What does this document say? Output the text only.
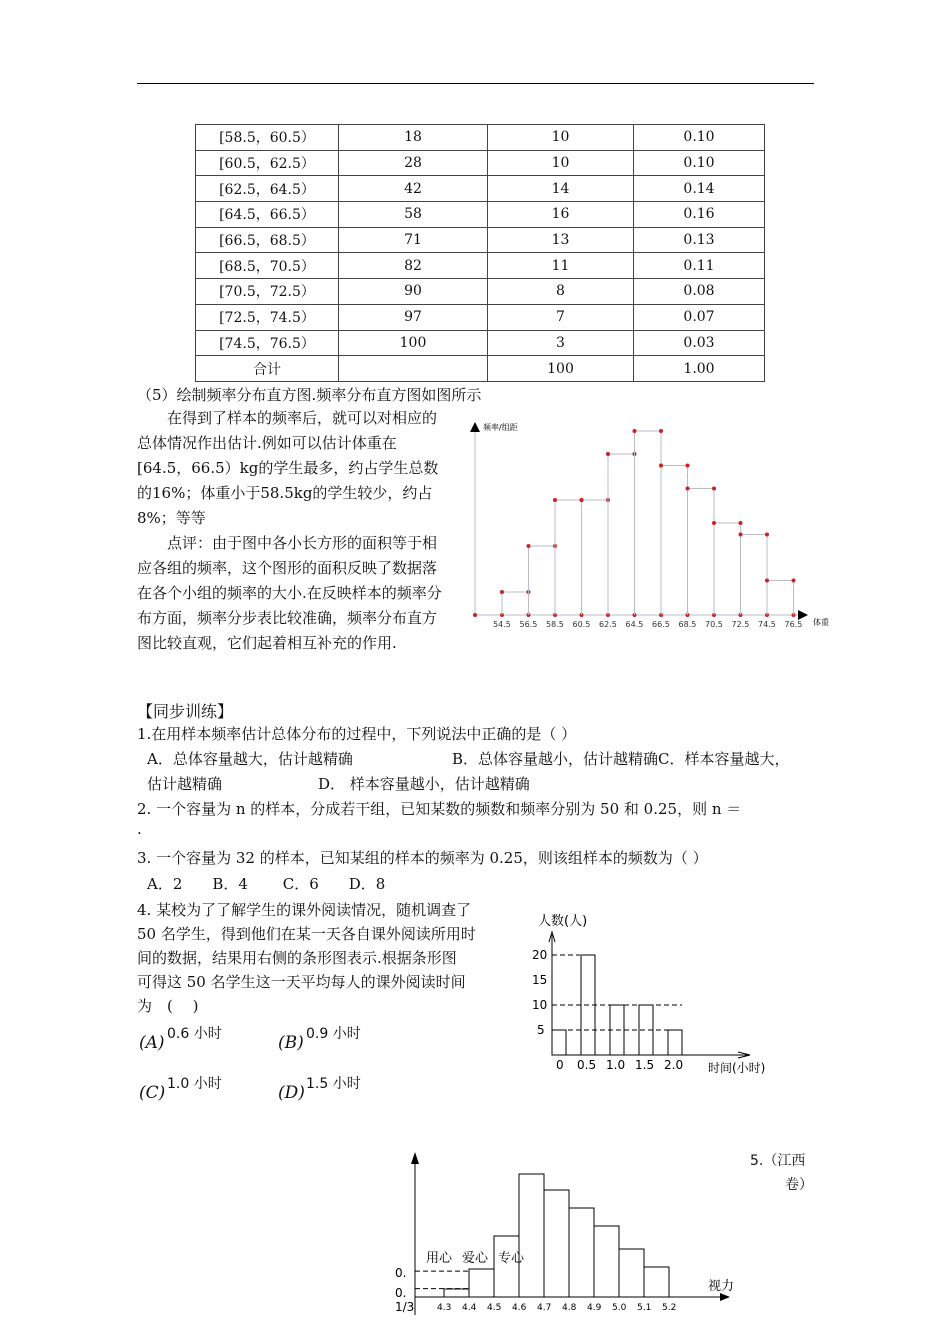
[58.5，60.5）	18	10	0.10
[60.5，62.5）	28	10	0.10
[62.5，64.5）	42	14	0.14
[64.5，66.5）	58	16	0.16
[66.5，68.5）	71	13	0.13
[68.5，70.5）	82	11	0.11
[70.5，72.5）	90	8	0.08
[72.5，74.5）	97	7	0.07
[74.5，76.5）	100	3	0.03
合计		100	1.00
（5）绘制频率分布直方图.频率分布直方图如图所示
在得到了样本的频率后，就可以对相应的总体情况作出估计.例如可以估计体重在　[64.5，66.5）kg的学生最多，约占学生总数的16%；体重小于58.5kg的学生较少，约占8%；等等
点评：由于图中各小长方形的面积等于相应各组的频率，这个图形的面积反映了数据落在各个小组的频率的大小.在反映样本的频率分布方面，频率分步表比较准确，频率分布直方图比较直观，它们起着相互补充的作用.
频率/组距
体重
54.5 56.5 58.5 60.5 62.5 64.5 66.5 68.5 70.5 72.5 74.5 76.5
【同步训练】
1.在用样本频率估计总体分布的过程中，下列说法中正确的是（ ）
A．总体容量越大，估计越精确	B．总体容量越小，估计越精确C．样本容量越大，
估计越精确	D． 样本容量越小，估计越精确
2. 一个容量为 n 的样本，分成若干组，已知某数的频数和频率分别为 50 和 0.25，则 n ＝
.
3. 一个容量为 32 的样本，已知某组的样本的频率为 0.25，则该组样本的频数为（ ）
A．2　　B．4　　 C．6　　D．8
4. 某校为了了解学生的课外阅读情况，随机调查了
50 名学生，得到他们在某一天各自课外阅读所用时
间的数据，结果用右侧的条形图表示.根据条形图
可得这 50 名学生这一天平均每人的课外阅读时间
为　(　 )
(A) 0.6 小时	(B) 0.9 小时
(C) 1.0 小时	(D) 1.5 小时
人数(人)
时间(小时)
5
10
15
20
0 0.5 1.0 1.5 2.0
5.（江西
卷）
视力
0.
0.
1/3	4.3 4.4 4.5 4.6 4.7 4.8 4.9 5.0 5.1 5.2
用心 爱心 专心
